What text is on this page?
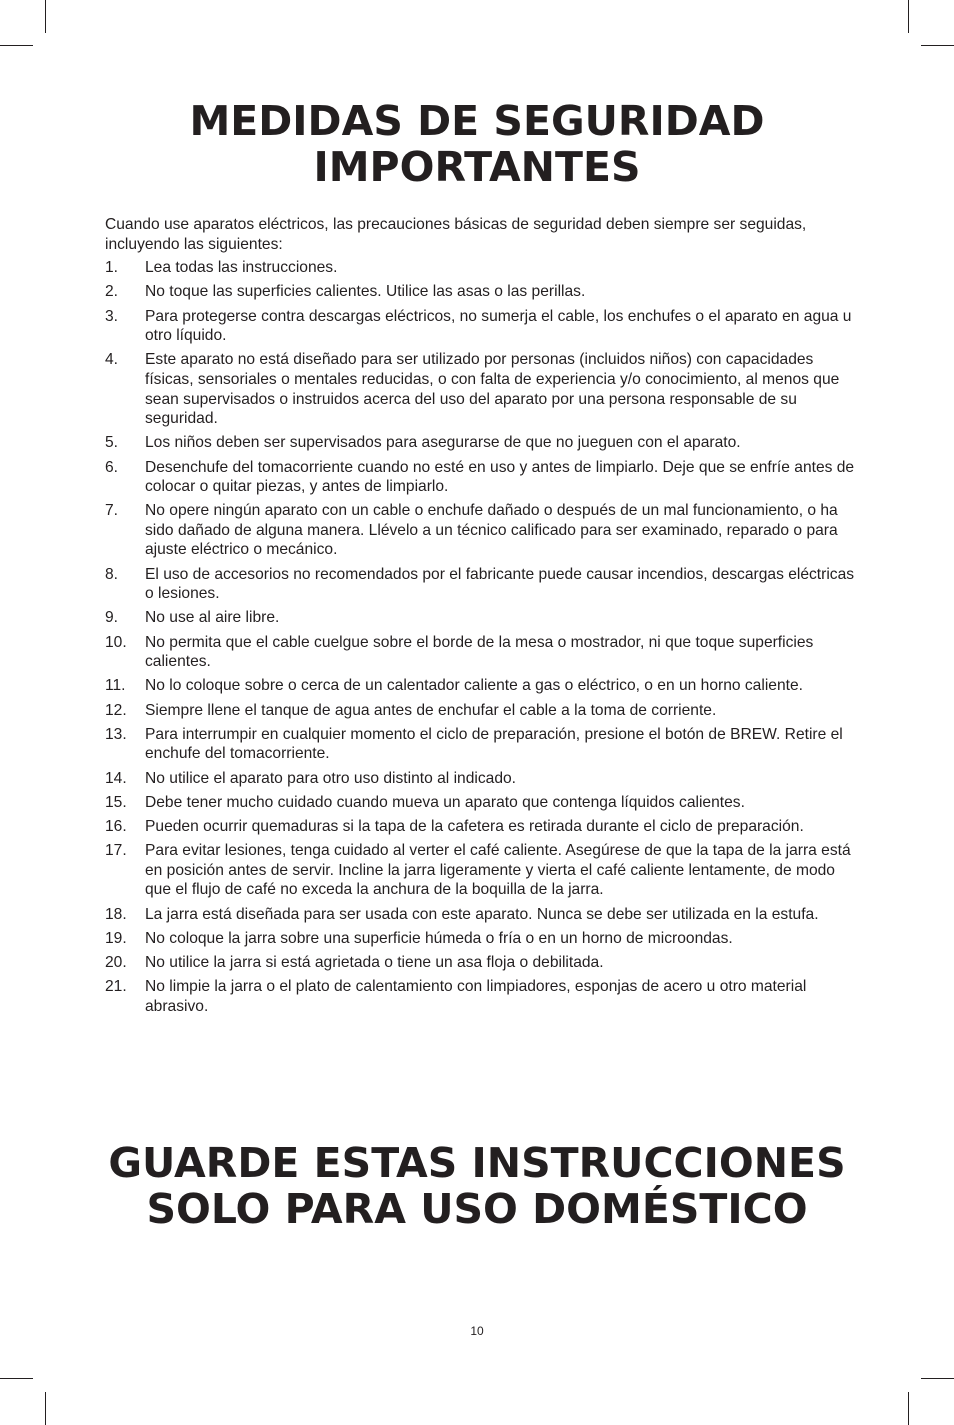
MEDIDAS DE SEGURIDAD
IMPORTANTES

Cuando use aparatos eléctricos, las precauciones básicas de seguridad deben siempre ser seguidas, incluyendo las siguientes:

1. Lea todas las instrucciones.
2. No toque las superficies calientes. Utilice las asas o las perillas.
3. Para protegerse contra descargas eléctricos, no sumerja el cable, los enchufes o el aparato en agua u otro líquido.
4. Este aparato no está diseñado para ser utilizado por personas (incluidos niños) con capacidades físicas, sensoriales o mentales reducidas, o con falta de experiencia y/o conocimiento, al menos que sean supervisados o instruidos acerca del uso del aparato por una persona responsable de su seguridad.
5. Los niños deben ser supervisados para asegurarse de que no jueguen con el aparato.
6. Desenchufe del tomacorriente cuando no esté en uso y antes de limpiarlo. Deje que se enfríe antes de colocar o quitar piezas, y antes de limpiarlo.
7. No opere ningún aparato con un cable o enchufe dañado o después de un mal funcionamiento, o ha sido dañado de alguna manera. Llévelo a un técnico calificado para ser examinado, reparado o para ajuste eléctrico o mecánico.
8. El uso de accesorios no recomendados por el fabricante puede causar incendios, descargas eléctricas o lesiones.
9. No use al aire libre.
10. No permita que el cable cuelgue sobre el borde de la mesa o mostrador, ni que toque superficies calientes.
11. No lo coloque sobre o cerca de un calentador caliente a gas o eléctrico, o en un horno caliente.
12. Siempre llene el tanque de agua antes de enchufar el cable a la toma de corriente.
13. Para interrumpir en cualquier momento el ciclo de preparación, presione el botón de BREW. Retire el enchufe del tomacorriente.
14. No utilice el aparato para otro uso distinto al indicado.
15. Debe tener mucho cuidado cuando mueva un aparato que contenga líquidos calientes.
16. Pueden ocurrir quemaduras si la tapa de la cafetera es retirada durante el ciclo de preparación.
17. Para evitar lesiones, tenga cuidado al verter el café caliente. Asegúrese de que la tapa de la jarra está en posición antes de servir. Incline la jarra ligeramente y vierta el café caliente lentamente, de modo que el flujo de café no exceda la anchura de la boquilla de la jarra.
18. La jarra está diseñada para ser usada con este aparato. Nunca se debe ser utilizada en la estufa.
19. No coloque la jarra sobre una superficie húmeda o fría o en un horno de microondas.
20. No utilice la jarra si está agrietada o tiene un asa floja o debilitada.
21. No limpie la jarra o el plato de calentamiento con limpiadores, esponjas de acero u otro material abrasivo.
GUARDE ESTAS INSTRUCCIONES
SOLO PARA USO DOMÉSTICO
10
